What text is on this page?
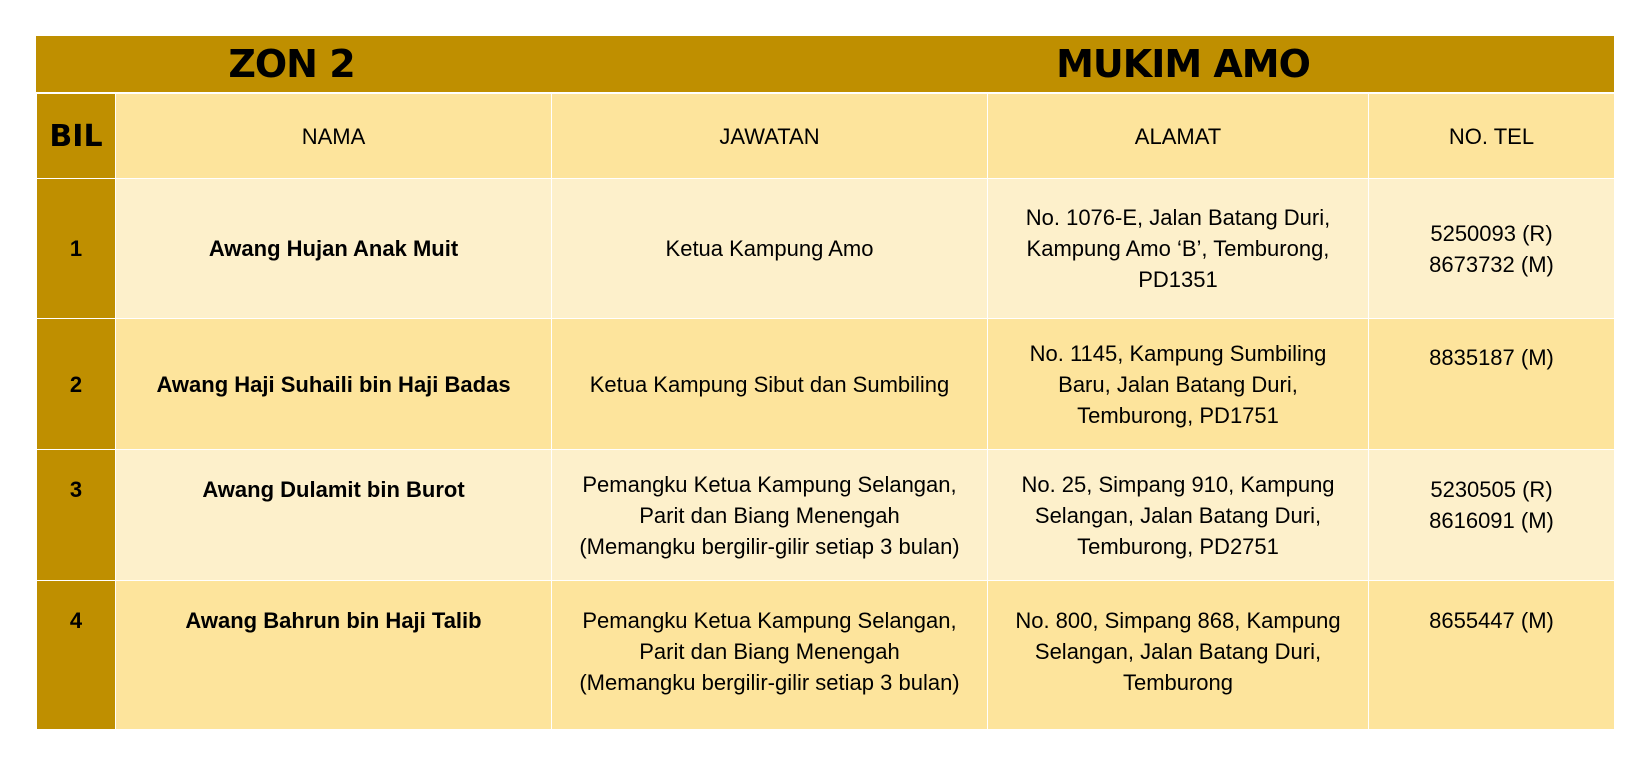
ZON 2	MUKIM AMO
BIL	NAMA	JAWATAN	ALAMAT	NO. TEL
1	Awang Hujan Anak Muit	Ketua Kampung Amo	No. 1076-E, Jalan Batang Duri,
Kampung Amo ‘B’, Temburong,
PD1351	5250093 (R)
8673732 (M)

2	Awang Haji Suhaili bin Haji Badas	Ketua Kampung Sibut dan Sumbiling	No. 1145, Kampung Sumbiling
Baru, Jalan Batang Duri,
Temburong, PD1751	8835187 (M)

3	Awang Dulamit bin Burot	Pemangku Ketua Kampung Selangan,
Parit dan Biang Menengah
(Memangku bergilir-gilir setiap 3 bulan)	No. 25, Simpang 910, Kampung
Selangan, Jalan Batang Duri,
Temburong, PD2751	5230505 (R)
8616091 (M)

4	Awang Bahrun bin Haji Talib	Pemangku Ketua Kampung Selangan,
Parit dan Biang Menengah
(Memangku bergilir-gilir setiap 3 bulan)	No. 800, Simpang 868, Kampung
Selangan, Jalan Batang Duri,
Temburong	8655447 (M)
